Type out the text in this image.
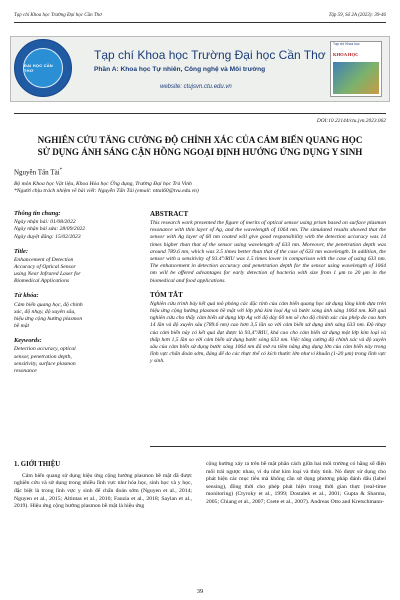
Tạp chí Khoa học Trường Đại học Cần Thơ	Tập 59, Số 2A (2023): 39-46
ĐẠI HỌC CẦN THƠ
Tạp chí Khoa học Trường Đại học Cần Thơ
Phần A: Khoa học Tự nhiên, Công nghệ và Môi trường
website: ctujsvn.ctu.edu.vn
Tạp chí Khoa học
KHOA HỌC
DOI:10.22144/ctu.jvn.2023.062
NGHIÊN CỨU TĂNG CƯỜNG ĐỘ CHÍNH XÁC CỦA CẢM BIẾN QUANG HỌC
SỬ DỤNG ÁNH SÁNG CẬN HỒNG NGOẠI ĐỊNH HƯỚNG ỨNG DỤNG Y SINH
Nguyễn Tấn Tài*
Bộ môn Khoa học Vật liệu, Khoa Hóa học Ứng dụng, Trường Đại học Trà Vinh
*Người chịu trách nhiệm về bài viết: Nguyễn Tấn Tài (email: nttai60@tvu.edu.vn)
Thông tin chung:
Ngày nhận bài: 01/08/2022
Ngày nhận bài sửa: 28/09/2022
Ngày duyệt đăng: 15/02/2023
Title:
Enhancement of Detection
Accuracy of Optical Sensor
using Near Infrared Laser for
Biomedical Applications
Từ khóa:
Cảm biến quang học, độ chính
xác, độ nhạy, độ xuyên sâu,
hiệu ứng cộng hưởng plasmon
bề mặt
Keywords:
Detection accuracy, optical
sensor, penetration depth,
sensitivity, surface plasmon
resonance
ABSTRACT

This research work presented the figure of merits of optical sensor using prism based on surface plasmon resonance with thin layer of Ag, and the wavelength of 1064 nm. The simulated results showed that the sensor with Ag layer of 60 nm coated will give good responsibility with the detection accuracy was 14 times higher than that of the sensor using wavelength of 633 nm. Moreover, the penetration depth was around 789.6 nm, which was 3.5 times better than that of the case of 633 nm wavelength. In addition, the sensor with a sensitivity of 93.4°/RIU was 1.5 times lower in comparison with the case of using 633 nm. The enhancement in detection accuracy and penetration depth for the sensor using wavelength of 1064 nm will be offered advantages for early detection of bacteria with size from 1 μm to 20 μm in the biomedical and food applications.

TÓM TẮT

Nghiên cứu trình bày kết quả mô phỏng các đặc tính của cảm biến quang học sử dụng lăng kính dựa trên hiệu ứng cộng hưởng plasmon bề mặt với lớp phủ kim loại Ag và bước sóng ánh sáng 1064 nm. Kết quả nghiên cứu cho thấy cảm biến sử dụng lớp Ag với độ dày 60 nm sẽ cho độ chính xác của phép đo cao hơn 14 lần và độ xuyên sâu (789.6 nm) cao hơn 3,5 lần so với cảm biến sử dụng ánh sáng 633 nm. Độ nhạy của cảm biến này có kết quả đạt được là 93,4°/RIU, khá cao cho cảm biến sử dụng một lớp kim loại và thấp hơn 1,5 lần so với cảm biến sử dụng bước sóng 633 nm. Việc tăng cường độ chính xác và độ xuyên sâu của cảm biến sử dụng bước sóng 1064 nm đã mở ra tiềm năng ứng dụng lớn của cảm biến này trong lĩnh vực chẩn đoán sớm, đáng để do các thực thể có kích thước lớn như vi khuẩn (1-20 μm) trong lĩnh vực y sinh.

1. GIỚI THIỆU
Cảm biến quang sử dụng hiệu ứng cộng hưởng plasmon bề mặt đã được nghiên cứu và sử dụng trong nhiều lĩnh vực như hóa học, sinh học và y học, đặc biệt là trong lĩnh vực y sinh để chẩn đoán sớm (Nguyen et al., 2014; Nguyen et al., 2015; Altintas et al., 2016; Fauzia et al., 2018; Saylan et al., 2019). Hiệu ứng cộng hưởng plasmon bề mặt là hiệu ứng
cộng hưởng xảy ra trên bề mặt phân cách giữa hai môi trường có hằng số điện môi trái ngược nhau, ví dụ như kim loại và thủy tinh. Nó được sử dụng cho phát hiện các mục tiêu mà không cần sử dụng phương pháp đánh dấu (label sensing), đồng thời cho phép phát hiện trong thời gian thực (real-time monitoring) (Ctyroky et al., 1999; Dostalek et al., 2001; Gupta & Sharma, 2005; Chiang et al., 2007; Csete et al., 2007). Andreas Otto and Kretschmann-
39
